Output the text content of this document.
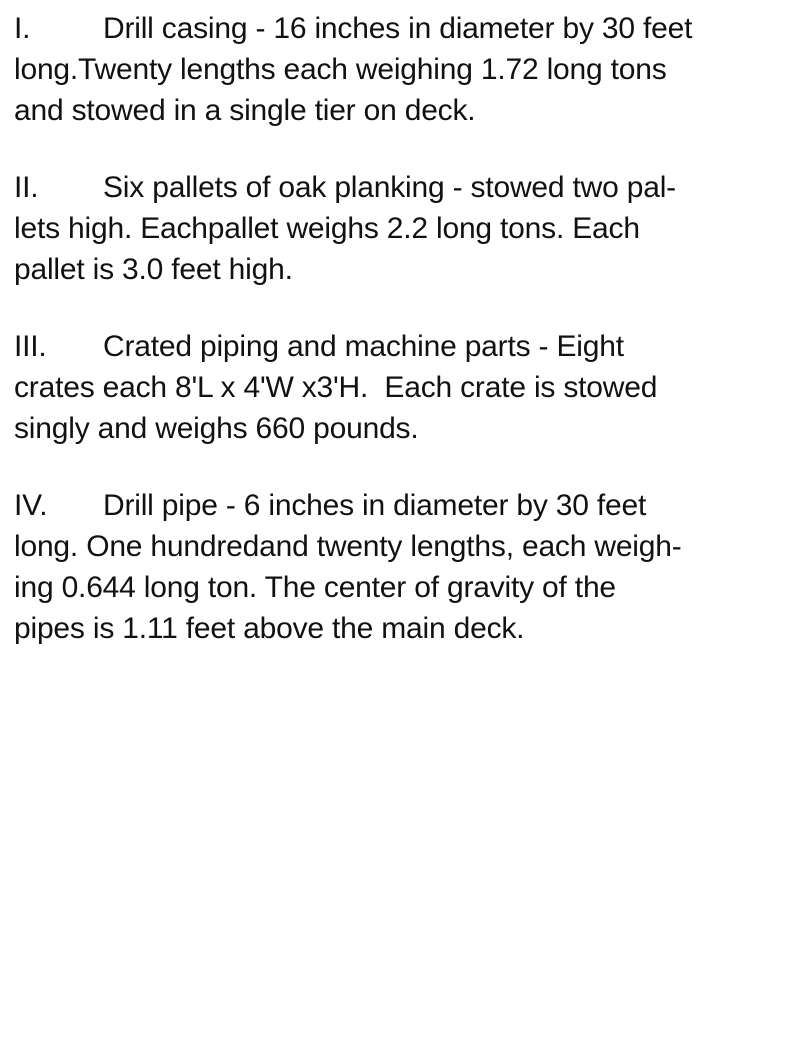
I. Drill casing - 16 inches in diameter by 30 feet
long.Twenty lengths each weighing 1.72 long tons
and stowed in a single tier on deck.
II. Six pallets of oak planking - stowed two pal-
lets high. Eachpallet weighs 2.2 long tons. Each
pallet is 3.0 feet high.
III. Crated piping and machine parts - Eight
crates each 8'L x 4'W x3'H.  Each crate is stowed
singly and weighs 660 pounds.
IV. Drill pipe - 6 inches in diameter by 30 feet
long. One hundredand twenty lengths, each weigh-
ing 0.644 long ton. The center of gravity of the
pipes is 1.11 feet above the main deck.
